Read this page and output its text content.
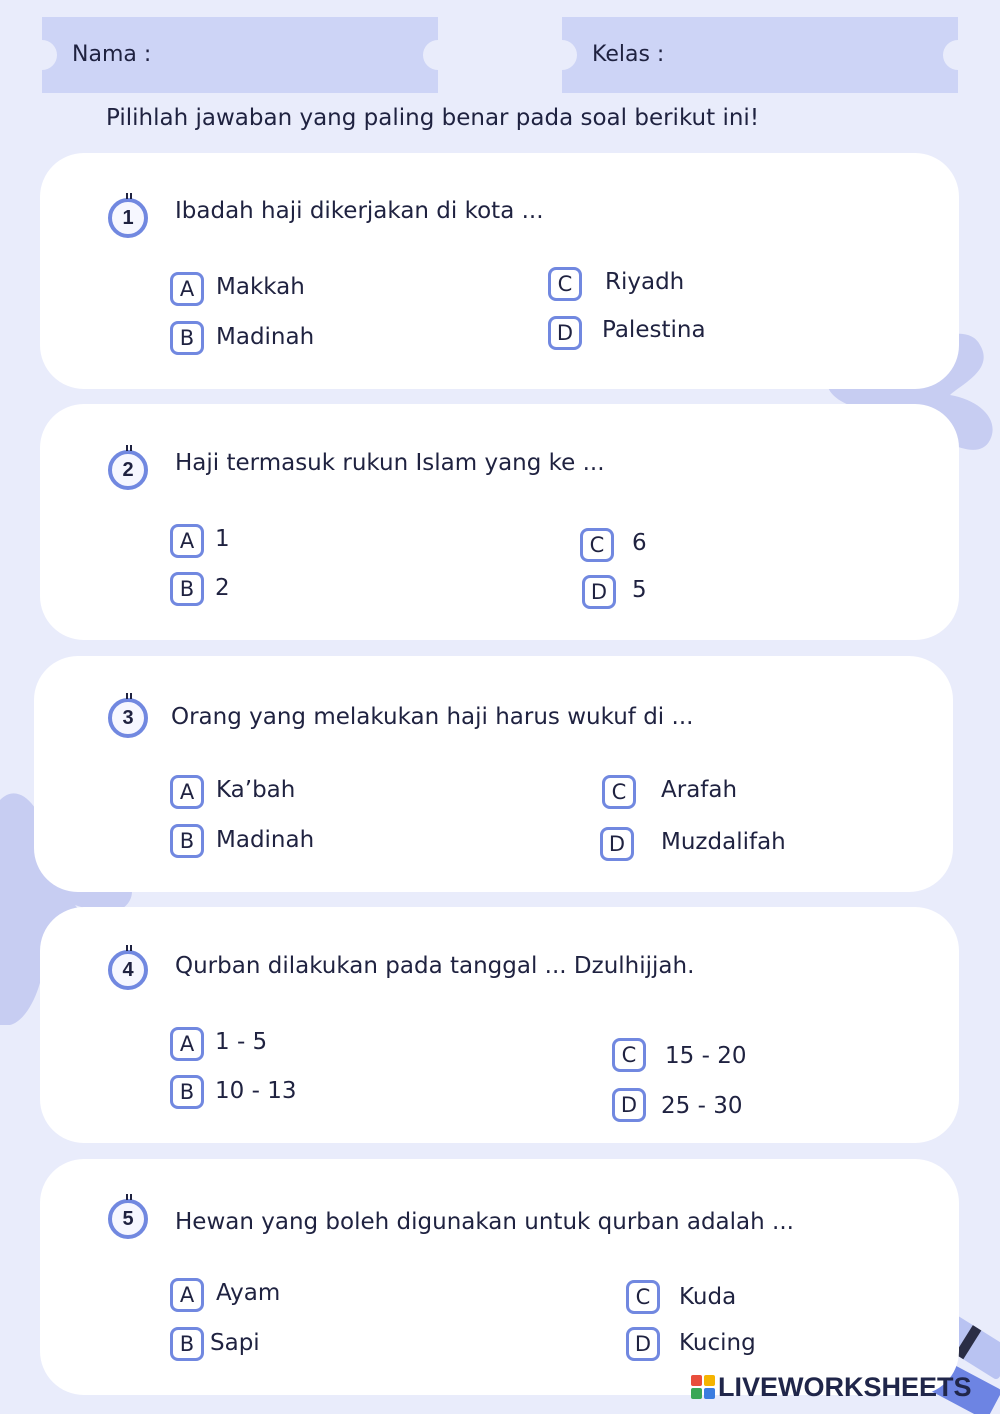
Nama :	Kelas :
Pilihlah jawaban yang paling benar pada soal berikut ini!
1	Ibadah haji dikerjakan di kota ...
A Makkah
B Madinah
C	Riyadh
D	Palestina
2	Haji termasuk rukun Islam yang ke ...
A 1
B 2
C	6
D	5
3	Orang yang melakukan haji harus wukuf di ...
A Ka’bah
B Madinah
C	Arafah
D	Muzdalifah
4	Qurban dilakukan pada tanggal ... Dzulhijjah.
A 1 - 5
B 10 - 13
C	15 - 20
D	25 - 30
5	Hewan yang boleh digunakan untuk qurban adalah ...
A Ayam
B Sapi
C	Kuda
D	Kucing
LIVEWORKSHEETS
